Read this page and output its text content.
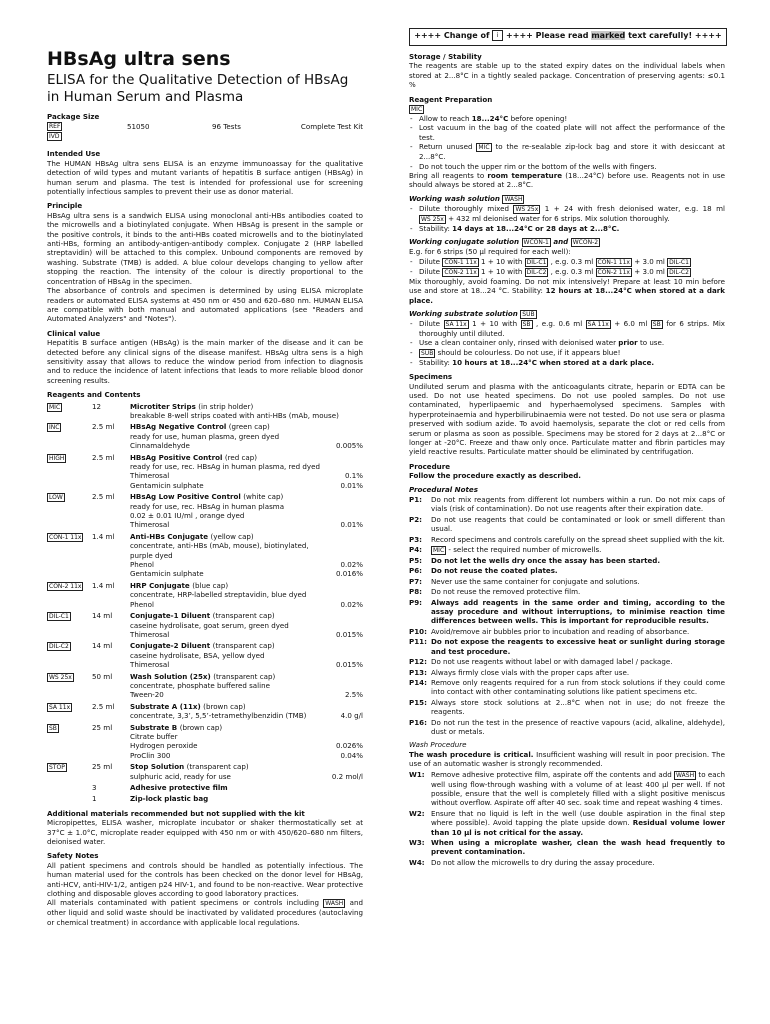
++++ Change of i ++++ Please read marked text carefully! ++++
HBsAg ultra sens
ELISA for the Qualitative Detection of HBsAg in Human Serum and Plasma
Package Size
REF	51050	96 Tests	Complete Test Kit
IVD
Intended Use

The HUMAN HBsAg ultra sens ELISA is an enzyme immunoassay for the qualitative detection of wild types and mutant variants of hepatitis B surface antigen (HBsAg) in human serum and plasma. The test is intended for professional use for screening potentially infectious samples to prevent their use as donor material.

Principle

HBsAg ultra sens is a sandwich ELISA using monoclonal anti-HBs antibodies coated to the microwells and a biotinylated conjugate. When HBsAg is present in the sample or the positive controls, it binds to the anti-HBs coated microwells and to the biotinylated anti-HBs, forming an antibody-antigen-antibody complex. Conjugate 2 (HRP labelled streptavidin) will be attached to this complex. Unbound components are removed by washing. Substrate (TMB) is added. A blue colour develops changing to yellow after stopping the reaction. The intensity of the colour is directly proportional to the concentration of HBsAg in the specimen.

The absorbance of controls and specimen is determined by using ELISA microplate readers or automated ELISA systems at 450 nm or 450 and 620–680 nm. HUMAN ELISA are compatible with both manual and automated applications (see "Readers and Automated Analyzers" and "Notes").

Clinical value

Hepatitis B surface antigen (HBsAg) is the main marker of the disease and it can be detected before any clinical signs of the disease manifest. HBsAg ultra sens is a high sensitivity assay that allows to reduce the window period from infection to diagnosis and to reduce the incidence of latent infections that leads to more reliable blood donor screening results.

Reagents and Contents
MIC	12	Microtiter Strips (in strip holder)
breakable 8-well strips coated with anti-HBs (mAb, mouse)
INC	2.5 ml	HBsAg Negative Control (green cap)
ready for use, human plasma, green dyed
Cinnamaldehyde	0.005%
HIGH	2.5 ml	HBsAg Positive Control (red cap)
ready for use, rec. HBsAg in human plasma, red dyed
Thimerosal	0.1%
Gentamicin sulphate	0.01%
LOW	2.5 ml	HBsAg Low Positive Control (white cap)
ready for use, rec. HBsAg in human plasma
0.02 ± 0.01 IU/ml , orange dyed
Thimerosal	0.01%
CON-1 11x	1.4 ml	Anti-HBs Conjugate (yellow cap)
concentrate, anti-HBs (mAb, mouse), biotinylated,
purple dyed
Phenol	0.02%
Gentamicin sulphate	0.016%
CON-2 11x	1.4 ml	HRP Conjugate (blue cap)
concentrate, HRP-labelled streptavidin, blue dyed
Phenol	0.02%
DIL-C1	14 ml	Conjugate-1 Diluent (transparent cap)
caseine hydrolisate, goat serum, green dyed
Thimerosal	0.015%
DIL-C2	14 ml	Conjugate-2 Diluent (transparent cap)
caseine hydrolisate, BSA, yellow dyed
Thimerosal	0.015%
WS 25x	50 ml	Wash Solution (25x) (transparent cap)
concentrate, phosphate buffered saline
Tween-20	2.5%
SA 11x	2.5 ml	Substrate A (11x) (brown cap)
concentrate, 3,3’, 5,5’-tetramethylbenzidin (TMB)	4.0 g/l
SB	25 ml	Substrate B (brown cap)
Citrate buffer
Hydrogen peroxide	0.026%
ProClin 300	0.04%
STOP	25 ml	Stop Solution (transparent cap)
sulphuric acid, ready for use	0.2 mol/l
3	Adhesive protective film
1	Zip-lock plastic bag
Additional materials recommended but not supplied with the kit

Micropipettes, ELISA washer, microplate incubator or shaker thermostatically set at 37°C ± 1.0°C, microplate reader equipped with 450 nm or with 450/620–680 nm filters, deionised water.

Safety Notes

All patient specimens and controls should be handled as potentially infectious. The human material used for the controls has been checked on the donor level for HBsAg, anti-HCV, anti-HIV-1/2, antigen p24 HIV-1, and found to be non-reactive. Wear protective clothing and disposable gloves according to good laboratory practices.

All materials contaminated with patient specimens or controls including WASH and other liquid and solid waste should be inactivated by validated procedures (autoclaving or chemical treatment) in accordance with applicable local regulations.

Storage / Stability

The reagents are stable up to the stated expiry dates on the individual labels when stored at 2...8°C in a tightly sealed package. Concentration of preserving agents: ≤0.1 %

Reagent Preparation
MIC
- Allow to reach 18...24°C before opening!
- Lost vacuum in the bag of the coated plate will not affect the performance of the test.
- Return unused MIC to the re-sealable zip-lock bag and store it with desiccant at 2...8°C.
- Do not touch the upper rim or the bottom of the wells with fingers.

Bring all reagents to room temperature (18...24°C) before use. Reagents not in use should always be stored at 2...8°C.

Working wash solution WASH
- Dilute thoroughly mixed WS 25x 1 + 24 with fresh deionised water, e.g. 18 ml WS 25x + 432 ml deionised water for 6 strips. Mix solution thoroughly.
- Stability: 14 days at 18...24°C or 28 days at 2...8°C.
Working conjugate solution WCON-1 and WCON-2

E.g. for 6 strips (50 µl required for each well):

- Dilute CON-1 11x 1 + 10 with DIL-C1 , e.g. 0.3 ml CON-1 11x + 3.0 ml DIL-C1
- Dilute CON-2 11x 1 + 10 with DIL-C2 , e.g. 0.3 ml CON-2 11x + 3.0 ml DIL-C2

Mix thoroughly, avoid foaming. Do not mix intensively! Prepare at least 10 min before use and store at 18...24 °C. Stability: 12 hours at 18...24°C when stored at a dark place.

Working substrate solution SUB
- Dilute SA 11x 1 + 10 with SB , e.g. 0.6 ml SA 11x + 6.0 ml SB for 6 strips. Mix thoroughly until diluted.
- Use a clean container only, rinsed with deionised water prior to use.
- SUB should be colourless. Do not use, if it appears blue!
- Stability: 10 hours at 18...24°C when stored at a dark place.
Specimens

Undiluted serum and plasma with the anticoagulants citrate, heparin or EDTA can be used. Do not use heated specimens. Do not use pooled samples. Do not use contaminated, hyperlipaemic and hyperhaemolysed specimens. Samples with hyperproteinaemia and hyperbilirubinaemia were not tested. Do not use sera or plasma preserved with sodium azide. To avoid haemolysis, separate the clot or red cells from serum or plasma as soon as possible. Specimens may be stored for 2 days at 2...8°C or longer at -20°C. Freeze and thaw only once. Particulate matter and fibrin particles may yield reactive results. Particulate matter should be eliminated by centrifugation.

Procedure
Follow the procedure exactly as described.
Procedural Notes
P1:	Do not mix reagents from different lot numbers within a run. Do not mix caps of vials (risk of contamination). Do not use reagents after their expiration date.
P2:	Do not use reagents that could be contaminated or look or smell different than usual.
P3:	Record specimens and controls carefully on the spread sheet supplied with the kit.
P4:	MIC - select the required number of microwells.
P5:	Do not let the wells dry once the assay has been started.
P6:	Do not reuse the coated plates.
P7:	Never use the same container for conjugate and solutions.
P8:	Do not reuse the removed protective film.
P9:	Always add reagents in the same order and timing, according to the assay procedure and without interruptions, to minimise reaction time differences between wells. This is important for reproducible results.
P10: Avoid/remove air bubbles prior to incubation and reading of absorbance.
P11: Do not expose the reagents to excessive heat or sunlight during storage and test procedure.
P12: Do not use reagents without label or with damaged label / package.
P13: Always firmly close vials with the proper caps after use.
P14: Remove only reagents required for a run from stock solutions if they could come into contact with other contaminating solutions like patient specimens etc.
P15: Always store stock solutions at 2...8°C when not in use; do not freeze the reagents.
P16: Do not run the test in the presence of reactive vapours (acid, alkaline, aldehyde), dust or metals.
Wash Procedure

The wash procedure is critical. Insufficient washing will result in poor precision. The use of an automatic washer is strongly recommended.

W1: Remove adhesive protective film, aspirate off the contents and add WASH to each well using flow-through washing with a volume of at least 400 µl per well. If not possible, ensure that the well is completely filled with a slight positive meniscus without overflow. Aspirate off after 40 sec. soak time and repeat washing 4 times.
W2: Ensure that no liquid is left in the well (use double aspiration in the final step where possible). Avoid tapping the plate upside down. Residual volume lower than 10 µl is not critical for the assay.
W3: When using a microplate washer, clean the wash head frequently to prevent contamination.
W4: Do not allow the microwells to dry during the assay procedure.
